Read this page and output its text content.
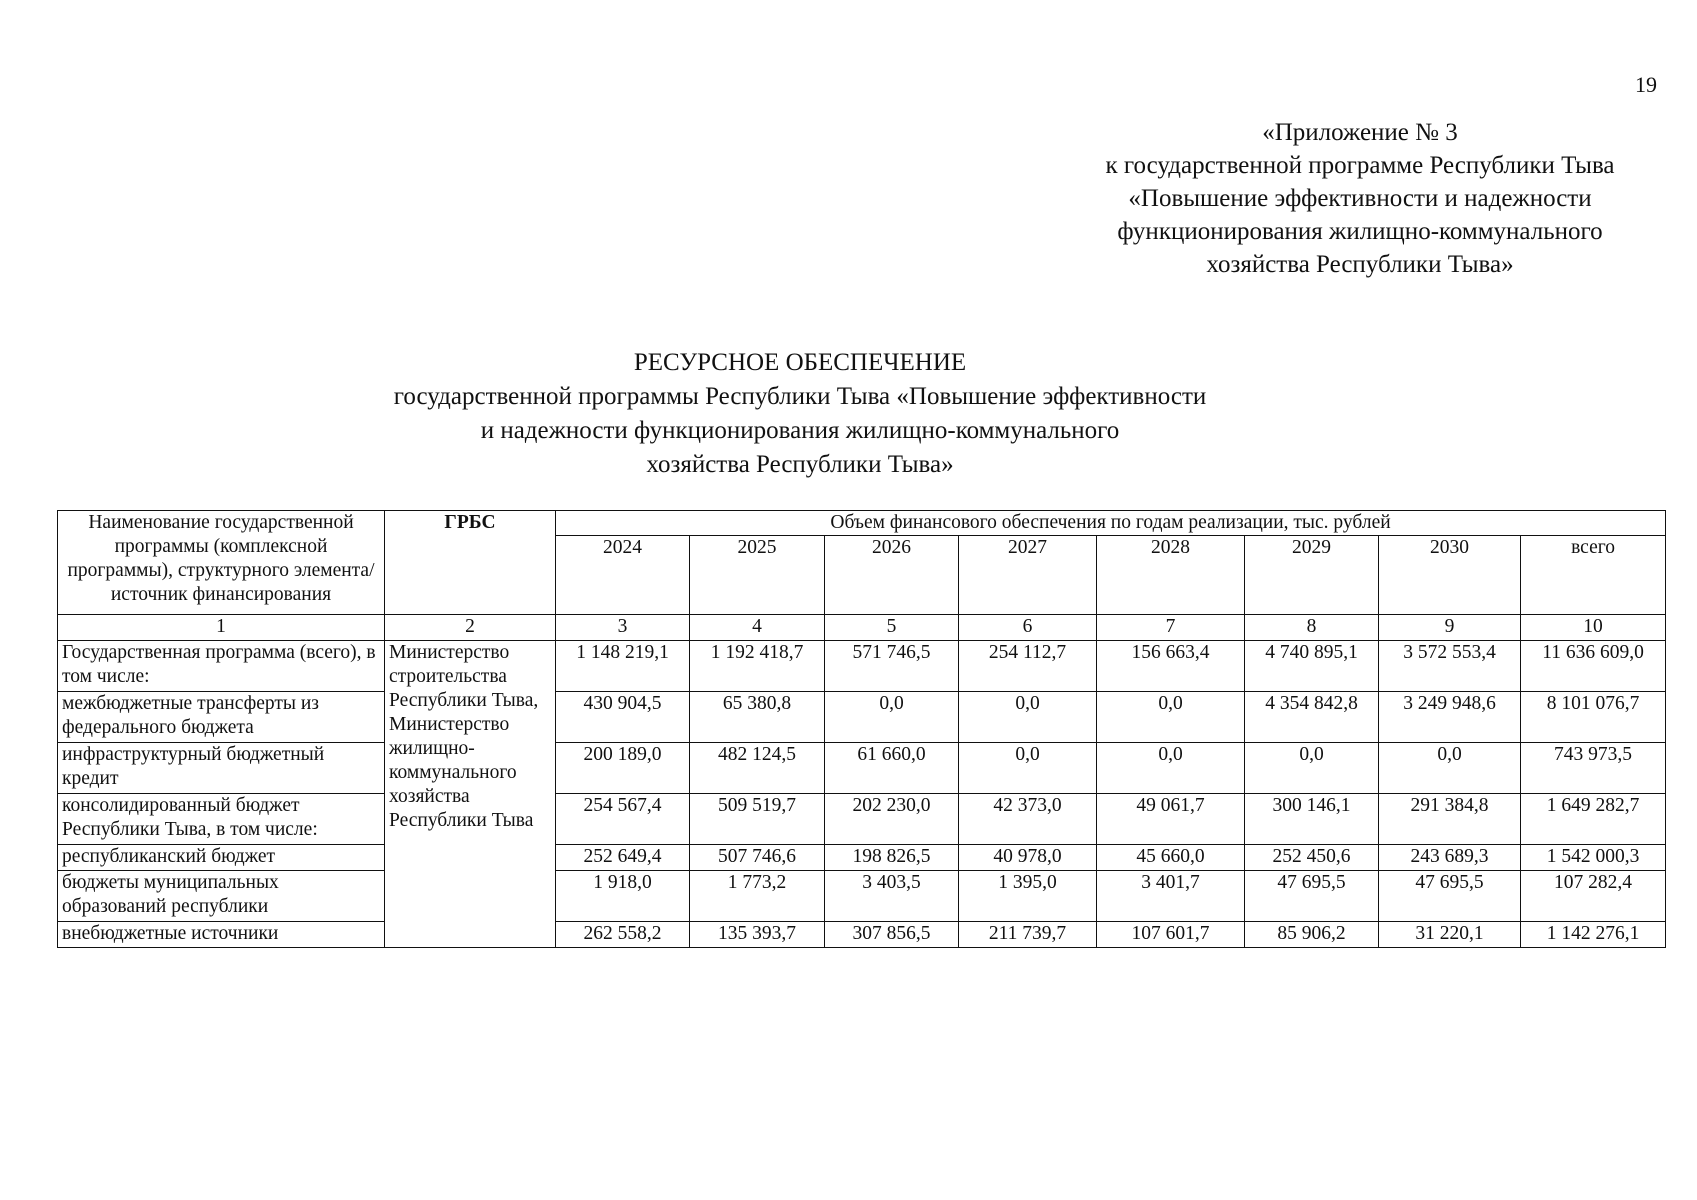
19
«Приложение № 3
к государственной программе Республики Тыва
«Повышение эффективности и надежности
функционирования жилищно-коммунального
хозяйства Республики Тыва»
РЕСУРСНОЕ ОБЕСПЕЧЕНИЕ
государственной программы Республики Тыва «Повышение эффективности
и надежности функционирования жилищно-коммунального
хозяйства Республики Тыва»
Наименование государственной программы (комплексной программы), структурного элемента/источник финансирования	ГРБС	Объем финансового обеспечения по годам реализации, тыс. рублей							
		2024	2025	2026	2027	2028	2029	2030	всего
1	2	3	4	5	6	7	8	9	10
Государственная программа (всего), в том числе:	Министерство строительства Республики Тыва, Министерство жилищно-коммунального хозяйства Республики Тыва	1 148 219,1	1 192 418,7	571 746,5	254 112,7	156 663,4	4 740 895,1	3 572 553,4	11 636 609,0
межбюджетные трансферты из федерального бюджета		430 904,5	65 380,8	0,0	0,0	0,0	4 354 842,8	3 249 948,6	8 101 076,7
инфраструктурный бюджетный кредит		200 189,0	482 124,5	61 660,0	0,0	0,0	0,0	0,0	743 973,5
консолидированный бюджет Республики Тыва, в том числе:		254 567,4	509 519,7	202 230,0	42 373,0	49 061,7	300 146,1	291 384,8	1 649 282,7
республиканский бюджет		252 649,4	507 746,6	198 826,5	40 978,0	45 660,0	252 450,6	243 689,3	1 542 000,3
бюджеты муниципальных образований республики		1 918,0	1 773,2	3 403,5	1 395,0	3 401,7	47 695,5	47 695,5	107 282,4
внебюджетные источники		262 558,2	135 393,7	307 856,5	211 739,7	107 601,7	85 906,2	31 220,1	1 142 276,1
